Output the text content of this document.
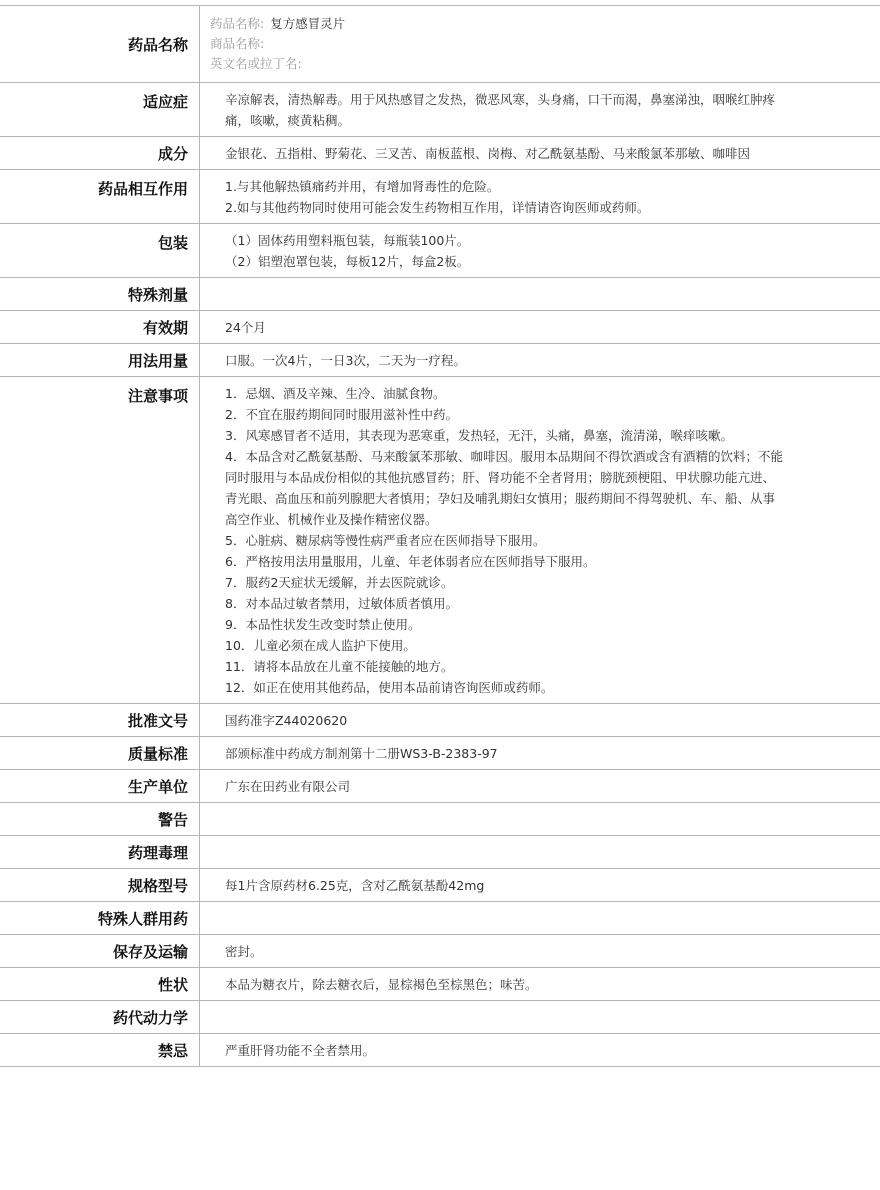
药品名称
药品名称: 复方感冒灵片
商品名称:
英文名或拉丁名:
适应症	辛凉解表，清热解毒。用于风热感冒之发热，微恶风寒，头身痛，口干而渴，鼻塞涕浊，咽喉红肿疼痛，咳嗽，痰黄粘稠。

成分	金银花、五指柑、野菊花、三叉苦、南板蓝根、岗梅、对乙酰氨基酚、马来酸氯苯那敏、咖啡因

药品相互作用	1.与其他解热镇痛药并用，有增加肾毒性的危险。

2.如与其他药物同时使用可能会发生药物相互作用，详情请咨询医师或药师。

包装	（1）固体药用塑料瓶包装，每瓶装100片。

（2）铝塑泡罩包装，每板12片，每盒2板。

特殊剂量
有效期	24个月

用法用量	口服。一次4片，一日3次，二天为一疗程。

注意事项	1．忌烟、酒及辛辣、生冷、油腻食物。

2．不宜在服药期间同时服用滋补性中药。

3．风寒感冒者不适用，其表现为恶寒重，发热轻，无汗，头痛，鼻塞，流清涕，喉痒咳嗽。

4．本品含对乙酰氨基酚、马来酸氯苯那敏、咖啡因。服用本品期间不得饮酒或含有酒精的饮料；不能同时服用与本品成份相似的其他抗感冒药；肝、肾功能不全者肾用；膀胱颈梗阻、甲状腺功能亢进、青光眼、高血压和前列腺肥大者慎用；孕妇及哺乳期妇女慎用；服药期间不得驾驶机、车、船、从事高空作业、机械作业及操作精密仪器。

5．心脏病、糖尿病等慢性病严重者应在医师指导下服用。

6．严格按用法用量服用，儿童、年老体弱者应在医师指导下服用。

7．服药2天症状无缓解，并去医院就诊。

8．对本品过敏者禁用，过敏体质者慎用。

9．本品性状发生改变时禁止使用。

10．儿童必须在成人监护下使用。

11．请将本品放在儿童不能接触的地方。

12．如正在使用其他药品，使用本品前请咨询医师或药师。

批准文号	国药准字Z44020620

质量标准	部颁标准中药成方制剂第十二册WS3-B-2383-97

生产单位	广东在田药业有限公司

警告
药理毒理
规格型号	每1片含原药材6.25克，含对乙酰氨基酚42mg

特殊人群用药
保存及运输	密封。

性状	本品为糖衣片，除去糖衣后，显棕褐色至棕黑色；味苦。

药代动力学
禁忌	严重肝肾功能不全者禁用。
